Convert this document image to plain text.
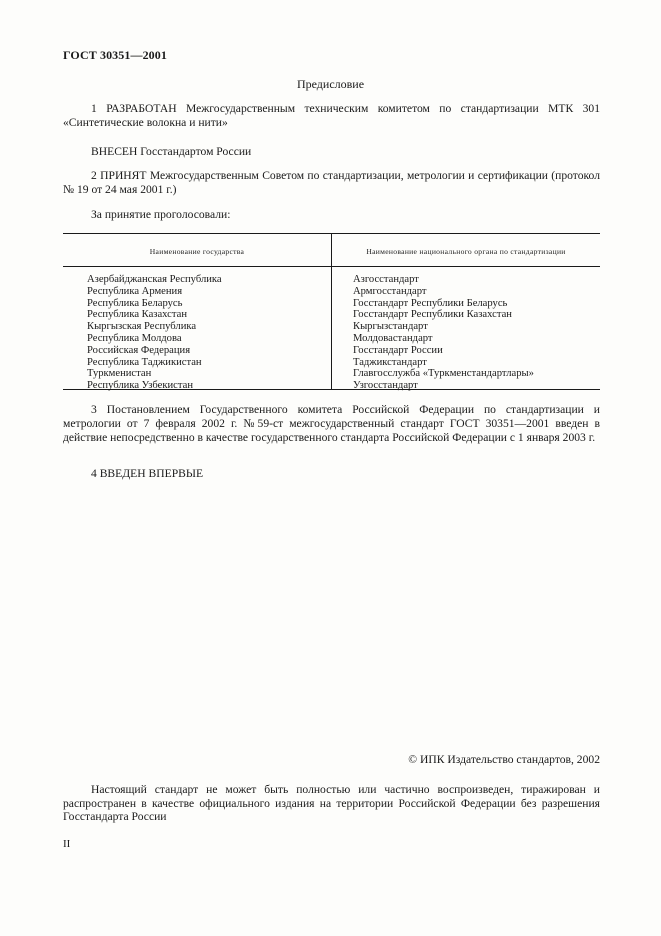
ГОСТ 30351—2001
Предисловие
1 РАЗРАБОТАН Межгосударственным техническим комитетом по стандартизации МТК 301 «Синтетические волокна и нити»
ВНЕСЕН Госстандартом России
2 ПРИНЯТ Межгосударственным Советом по стандартизации, метрологии и сертификации (протокол № 19 от 24 мая 2001 г.)
За принятие проголосовали:
Наименование государства	Наименование национального органа по стандартизации
Азербайджанская Республика
Республика Армения
Республика Беларусь
Республика Казахстан
Кыргызская Республика
Республика Молдова
Российская Федерация
Республика Таджикистан
Туркменистан
Республика Узбекистан
Азгосстандарт
Армгосстандарт
Госстандарт Республики Беларусь
Госстандарт Республики Казахстан
Кыргызстандарт
Молдовастандарт
Госстандарт России
Таджикстандарт
Главгосслужба «Туркменстандартлары»
Узгосстандарт
3 Постановлением Государственного комитета Российской Федерации по стандартизации и метрологии от 7 февраля 2002 г. №59-ст межгосударственный стандарт ГОСТ 30351—2001 введен в действие непосредственно в качестве государственного стандарта Российской Федерации с 1 января 2003 г.
4 ВВЕДЕН ВПЕРВЫЕ
© ИПК Издательство стандартов, 2002
Настоящий стандарт не может быть полностью или частично воспроизведен, тиражирован и распространен в качестве официального издания на территории Российской Федерации без разрешения Госстандарта России
II
